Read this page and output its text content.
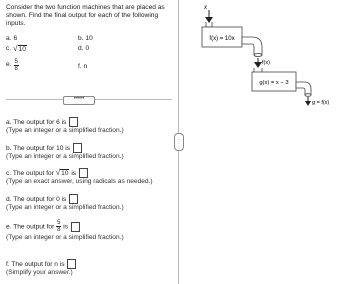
Consider the two function machines that are placed as shown. Find the final output for each of the following inputs.

a. 6	b. 10
c. √ 10	d. 0
e. $\frac{5}{8}$	f. n
•••••
a. The output for 6 is
(Type an integer or a simplified fraction.)
b. The output for 10 is
(Type an integer or a simplified fraction.)
c. The output for √ 10 is
(Type an exact answer, using radicals as needed.)
d. The output for 0 is
(Type an integer or a simplified fraction.)
e. The output for $\frac{5}{8}$ is
(Type an integer or a simplified fraction.)
f. The output for n is
(Simplify your answer.)
⋮
x
f(x) = 10x
f(x)
g(x) = x − 3
g = f(x)
